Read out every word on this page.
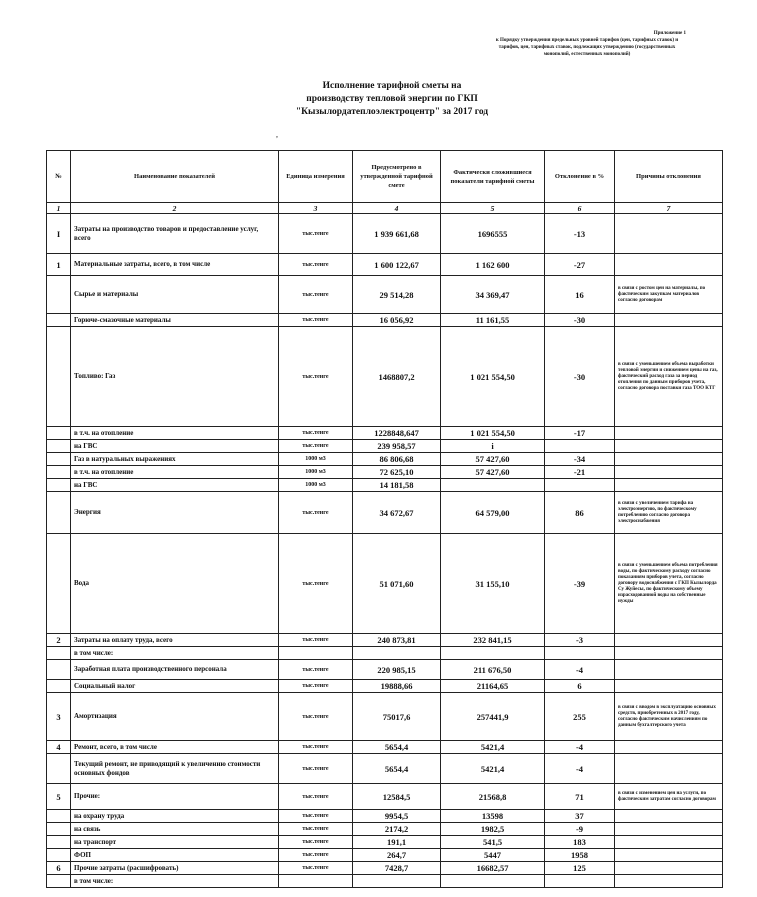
Приложение 1
к Порядку утверждения предельных уровней тарифов (цен, тарифных ставок) и
тарифов, цен, тарифных ставок, подлежащих утверждению (государственных
монополий, естественных монополий)
Исполнение тарифной сметы на
производству тепловой энергии по ГКП
"Кызылордатеплоэлектроцентр" за 2017 год
,
№	Наименование показателей	Единица измерения	Предусмотрено в утвержденной тарифной смете	Фактически сложившиеся показатели тарифной сметы	Отклонение в %	Причины отклонения
1	2	3	4	5	6	7
I	Затраты на производство товаров и предоставление услуг, всего	тыс.тенге	1 939 661,68	1696555	-13	
1	Материальные затраты, всего, в том числе	тыс.тенге	1 600 122,67	1 162 600	-27	
	Сырье и материалы	тыс.тенге	29 514,28	34 369,47	16	в связи с ростом цен на материалы, по фактическим закупкам материалов согласно договорам
	Горюче-смазочные материалы	тыс.тенге	16 056,92	11 161,55	-30	
	Топливо: Газ	тыс.тенге	1468807,2	1 021 554,50	-30	в связи с уменьшением объема выработки тепловой энергии и снижением цены на газ, фактический расход газа за период отопления по данным приборов учета, согласно договора поставки газа ТОО КТГ
	в т.ч. на отопление	тыс.тенге	1228848,647	1 021 554,50	-17	
	на ГВС	тыс.тенге	239 958,57	i		
	Газ в натуральных выражениях	1000 м3	86 806,68	57 427,60	-34	
	в т.ч. на отопление	1000 м3	72 625,10	57 427,60	-21	
	на ГВС	1000 м3	14 181,58			
	Энергия	тыс.тенге	34 672,67	64 579,00	86	в связи с увеличением тарифа на электроэнергию, по фактическому потреблению согласно договора электроснабжения
	Вода	тыс.тенге	51 071,60	31 155,10	-39	в связи с уменьшением объема потребления воды, по фактическому расходу согласно показаниям приборов учета, согласно договору водоснабжения с ГКП Кызылорда Су Жуйесы, по фактическому объему израсходованной воды на собственные нужды
2	Затраты на оплату труда, всего	тыс.тенге	240 873,81	232 841,15	-3	
	в том числе:					
	Заработная плата производственного персонала	тыс.тенге	220 985,15	211 676,50	-4	
	Социальный налог	тыс.тенге	19888,66	21164,65	6	
3	Амортизация	тыс.тенге	75017,6	257441,9	255	в связи с вводом в эксплуатацию основных средств, приобретенных в 2017 году, согласно фактическим начислениям по данным бухгалтерского учета
4	Ремонт, всего, в том числе	тыс.тенге	5654,4	5421,4	-4	
	Текущий ремонт, не приводящий к увеличению стоимости основных фондов	тыс.тенге	5654,4	5421,4	-4	
5	Прочие:	тыс.тенге	12584,5	21568,8	71	в связи с изменением цен на услуги, по фактическим затратам согласно договорам
	на охрану труда	тыс.тенге	9954,5	13598	37	
	на связь	тыс.тенге	2174,2	1982,5	-9	
	на транспорт	тыс.тенге	191,1	541,5	183	
	ФОП	тыс.тенге	264,7	5447	1958	
6	Прочие затраты (расшифровать)	тыс.тенге	7428,7	16682,57	125	
	в том числе:					
